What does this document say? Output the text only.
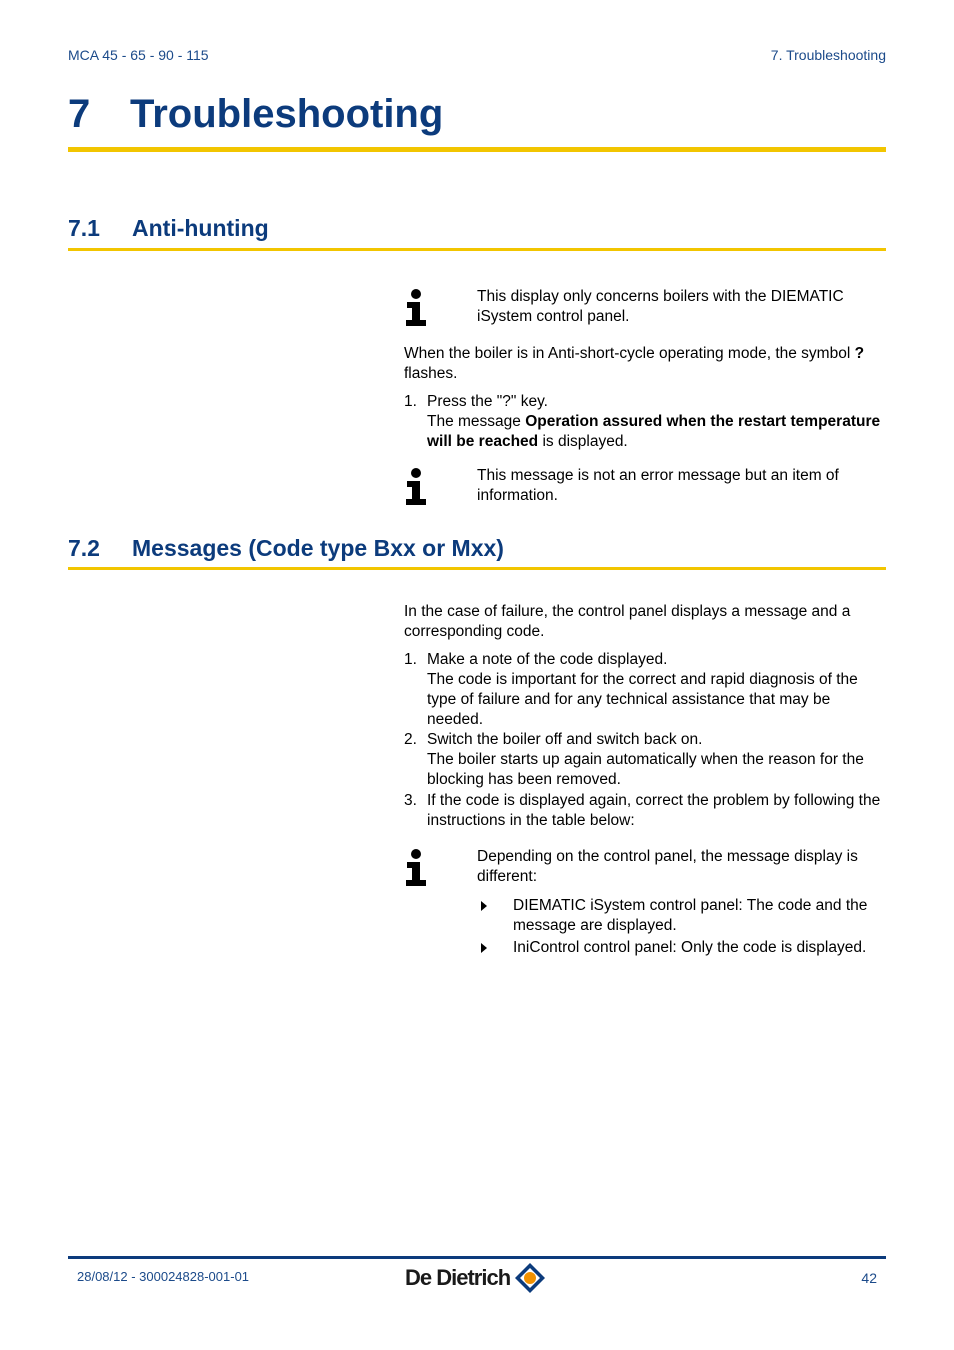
MCA 45 - 65 - 90 - 115	7. Troubleshooting
7 Troubleshooting
7.1 Anti-hunting
This display only concerns boilers with the DIEMATIC iSystem control panel.
When the boiler is in Anti-short-cycle operating mode, the symbol ? flashes.
1. Press the "?" key.
The message Operation assured when the restart temperature will be reached is displayed.
This message is not an error message but an item of information.
7.2 Messages (Code type Bxx or Mxx)
In the case of failure, the control panel displays a message and a corresponding code.
1. Make a note of the code displayed.
The code is important for the correct and rapid diagnosis of the type of failure and for any technical assistance that may be needed.
2. Switch the boiler off and switch back on.
The boiler starts up again automatically when the reason for the blocking has been removed.
3. If the code is displayed again, correct the problem by following the instructions in the table below:
Depending on the control panel, the message display is different:
DIEMATIC iSystem control panel: The code and the message are displayed.
IniControl control panel: Only the code is displayed.
28/08/12 - 300024828-001-01	De Dietrich	42
